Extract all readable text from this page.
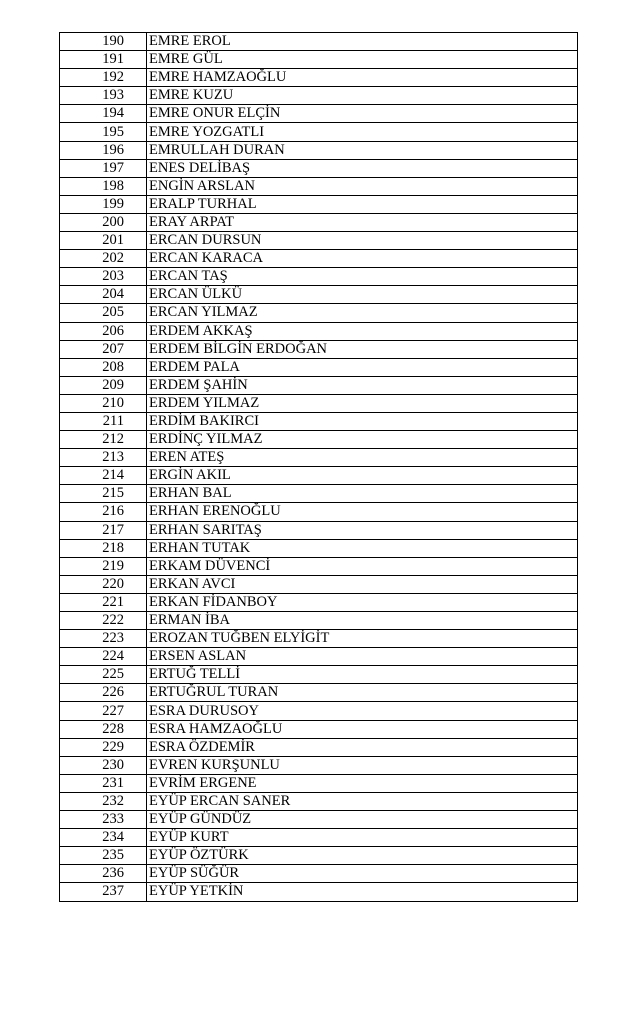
190	EMRE EROL
191	EMRE GÜL
192	EMRE HAMZAOĞLU
193	EMRE KUZU
194	EMRE ONUR ELÇİN
195	EMRE YOZGATLI
196	EMRULLAH DURAN
197	ENES DELİBAŞ
198	ENGİN ARSLAN
199	ERALP TURHAL
200	ERAY ARPAT
201	ERCAN DURSUN
202	ERCAN KARACA
203	ERCAN TAŞ
204	ERCAN ÜLKÜ
205	ERCAN YILMAZ
206	ERDEM AKKAŞ
207	ERDEM BİLGİN ERDOĞAN
208	ERDEM PALA
209	ERDEM ŞAHİN
210	ERDEM YILMAZ
211	ERDİM BAKIRCI
212	ERDİNÇ YILMAZ
213	EREN ATEŞ
214	ERGİN AKIL
215	ERHAN BAL
216	ERHAN ERENOĞLU
217	ERHAN SARITAŞ
218	ERHAN TUTAK
219	ERKAM DÜVENCİ
220	ERKAN AVCI
221	ERKAN FİDANBOY
222	ERMAN İBA
223	EROZAN TUĞBEN ELYİGİT
224	ERSEN ASLAN
225	ERTUĞ TELLİ
226	ERTUĞRUL TURAN
227	ESRA DURUSOY
228	ESRA HAMZAOĞLU
229	ESRA ÖZDEMİR
230	EVREN KURŞUNLU
231	EVRİM ERGENE
232	EYÜP ERCAN SANER
233	EYÜP GÜNDÜZ
234	EYÜP KURT
235	EYÜP ÖZTÜRK
236	EYÜP SÜĞÜR
237	EYÜP YETKİN
